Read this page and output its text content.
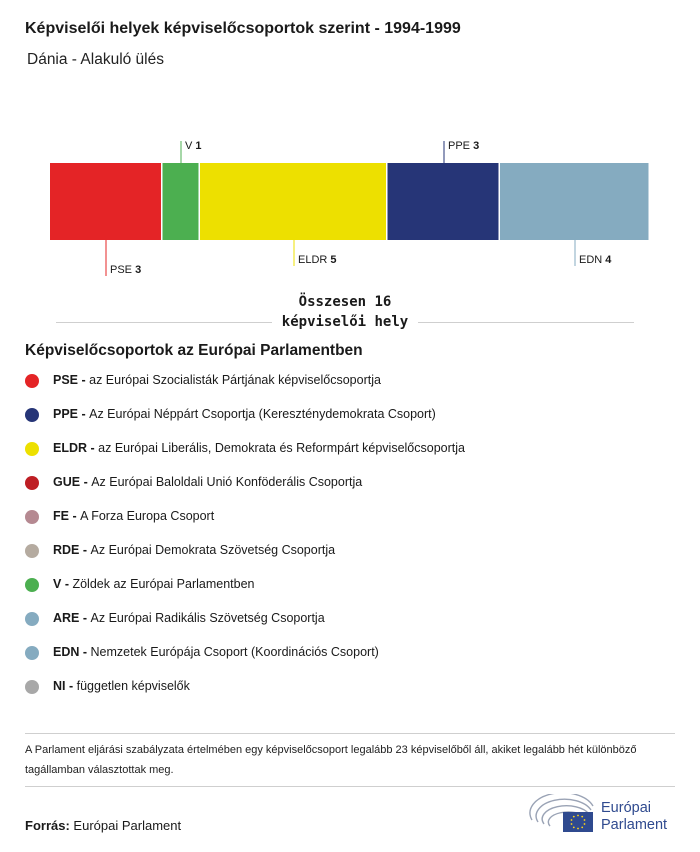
Képviselői helyek képviselőcsoportok szerint - 1994-1999
Dánia - Alakuló ülés
PSE 3
V 1
ELDR 5
PPE 3
EDN 4
Összesen 16 képviselői hely
Képviselőcsoportok az Európai Parlamentben
PSE - az Európai Szocialisták Pártjának képviselőcsoportja
PPE - Az Európai Néppárt Csoportja (Kereszténydemokrata Csoport)
ELDR - az Európai Liberális, Demokrata és Reformpárt képviselőcsoportja
GUE - Az Európai Baloldali Unió Konföderális Csoportja
FE - A Forza Europa Csoport
RDE - Az Európai Demokrata Szövetség Csoportja
V - Zöldek az Európai Parlamentben
ARE - Az Európai Radikális Szövetség Csoportja
EDN - Nemzetek Európája Csoport (Koordinációs Csoport)
NI - független képviselők
A Parlament eljárási szabályzata értelmében egy képviselőcsoport legalább 23 képviselőből áll, akiket legalább hét különböző tagállamban választottak meg.
Forrás: Európai Parlament
Európai
Parlament
